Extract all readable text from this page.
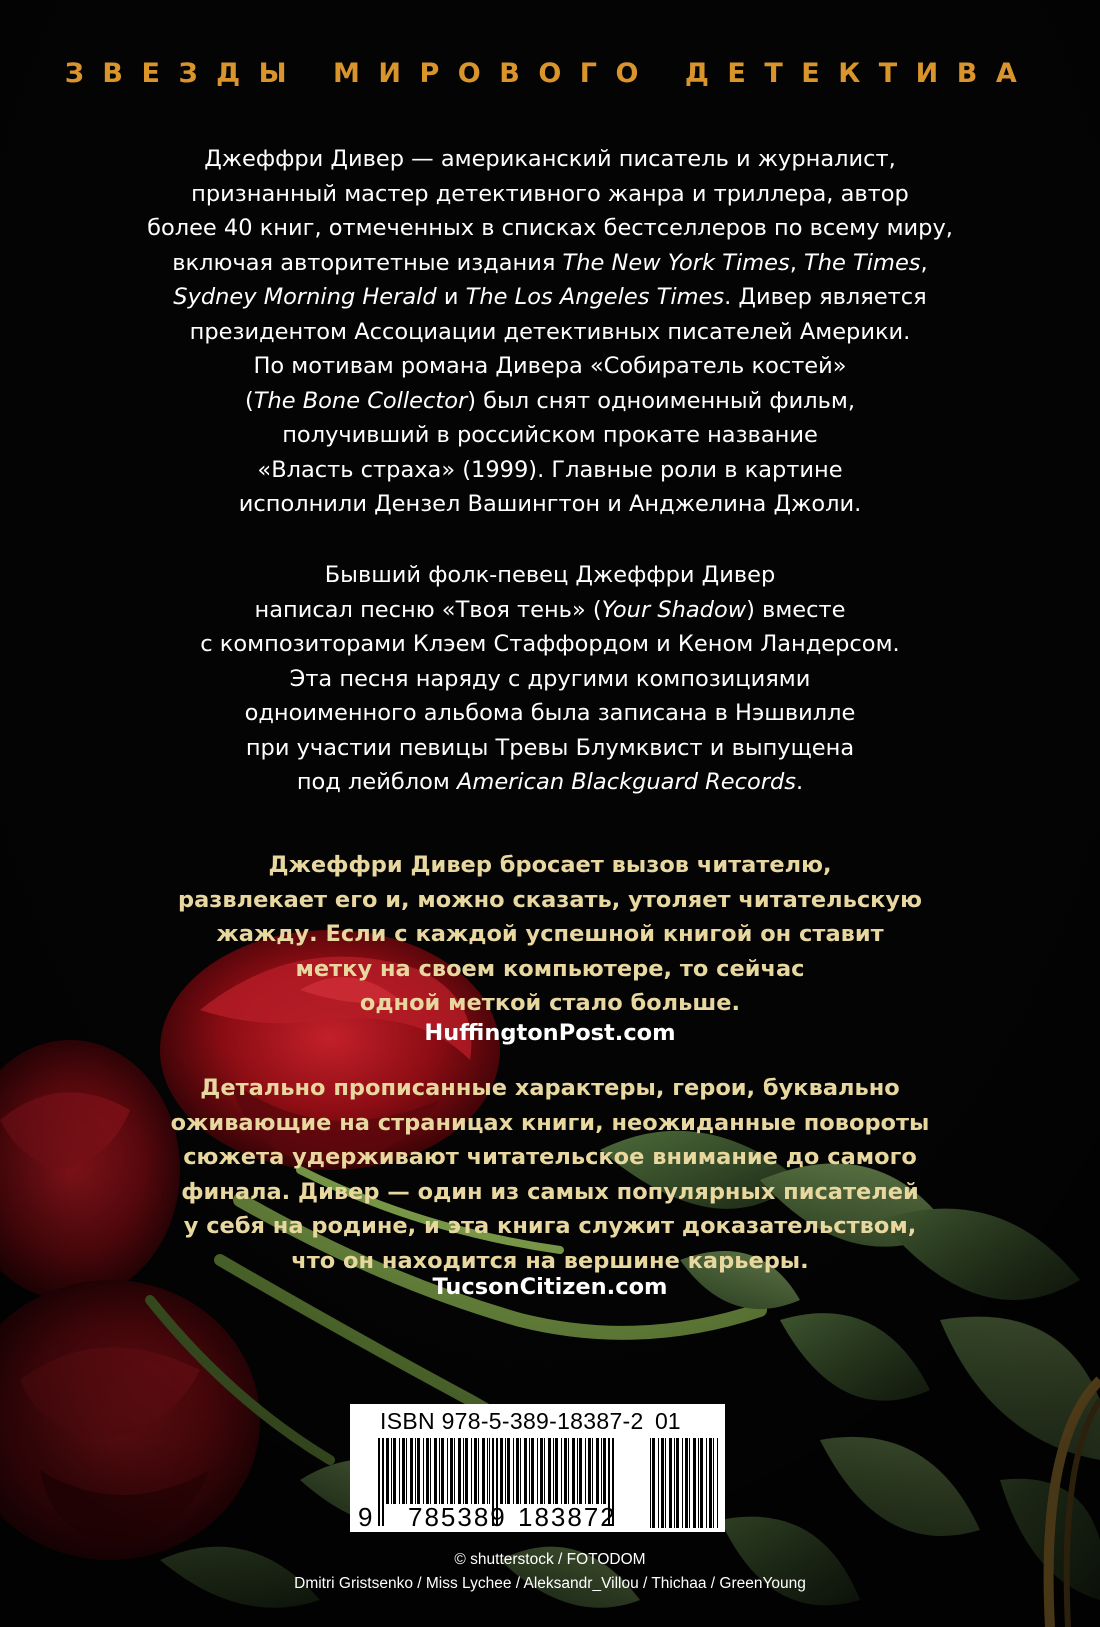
ЗВЕЗДЫ МИРОВОГО ДЕТЕКТИВА
Джеффри Дивер — американский писатель и журналист,
признанный мастер детективного жанра и триллера, автор
более 40 книг, отмеченных в списках бестселлеров по всему миру,
включая авторитетные издания The New York Times, The Times,
Sydney Morning Herald и The Los Angeles Times. Дивер является
президентом Ассоциации детективных писателей Америки.
По мотивам романа Дивера «Собиратель костей»
(The Bone Collector) был снят одноименный фильм,
получивший в российском прокате название
«Власть страха» (1999). Главные роли в картине
исполнили Дензел Вашингтон и Анджелина Джоли.
Бывший фолк-певец Джеффри Дивер
написал песню «Твоя тень» (Your Shadow) вместе
с композиторами Клэем Стаффордом и Кеном Ландерсом.
Эта песня наряду с другими композициями
одноименного альбома была записана в Нэшвилле
при участии певицы Тревы Блумквист и выпущена
под лейблом American Blackguard Records.
Джеффри Дивер бросает вызов читателю,
развлекает его и, можно сказать, утоляет читательскую
жажду. Если с каждой успешной книгой он ставит
метку на своем компьютере, то сейчас
одной меткой стало больше.
HuffingtonPost.com
Детально прописанные характеры, герои, буквально
оживающие на страницах книги, неожиданные повороты
сюжета удерживают читательское внимание до самого
финала. Дивер — один из самых популярных писателей
у себя на родине, и эта книга служит доказательством,
что он находится на вершине карьеры.
TucsonCitizen.com
ISBN 978-5-389-18387-2 01
9 785389 183872
© shutterstock / FOTODOM
Dmitri Gristsenko / Miss Lychee / Aleksandr_Villou / Thichaa / GreenYoung
